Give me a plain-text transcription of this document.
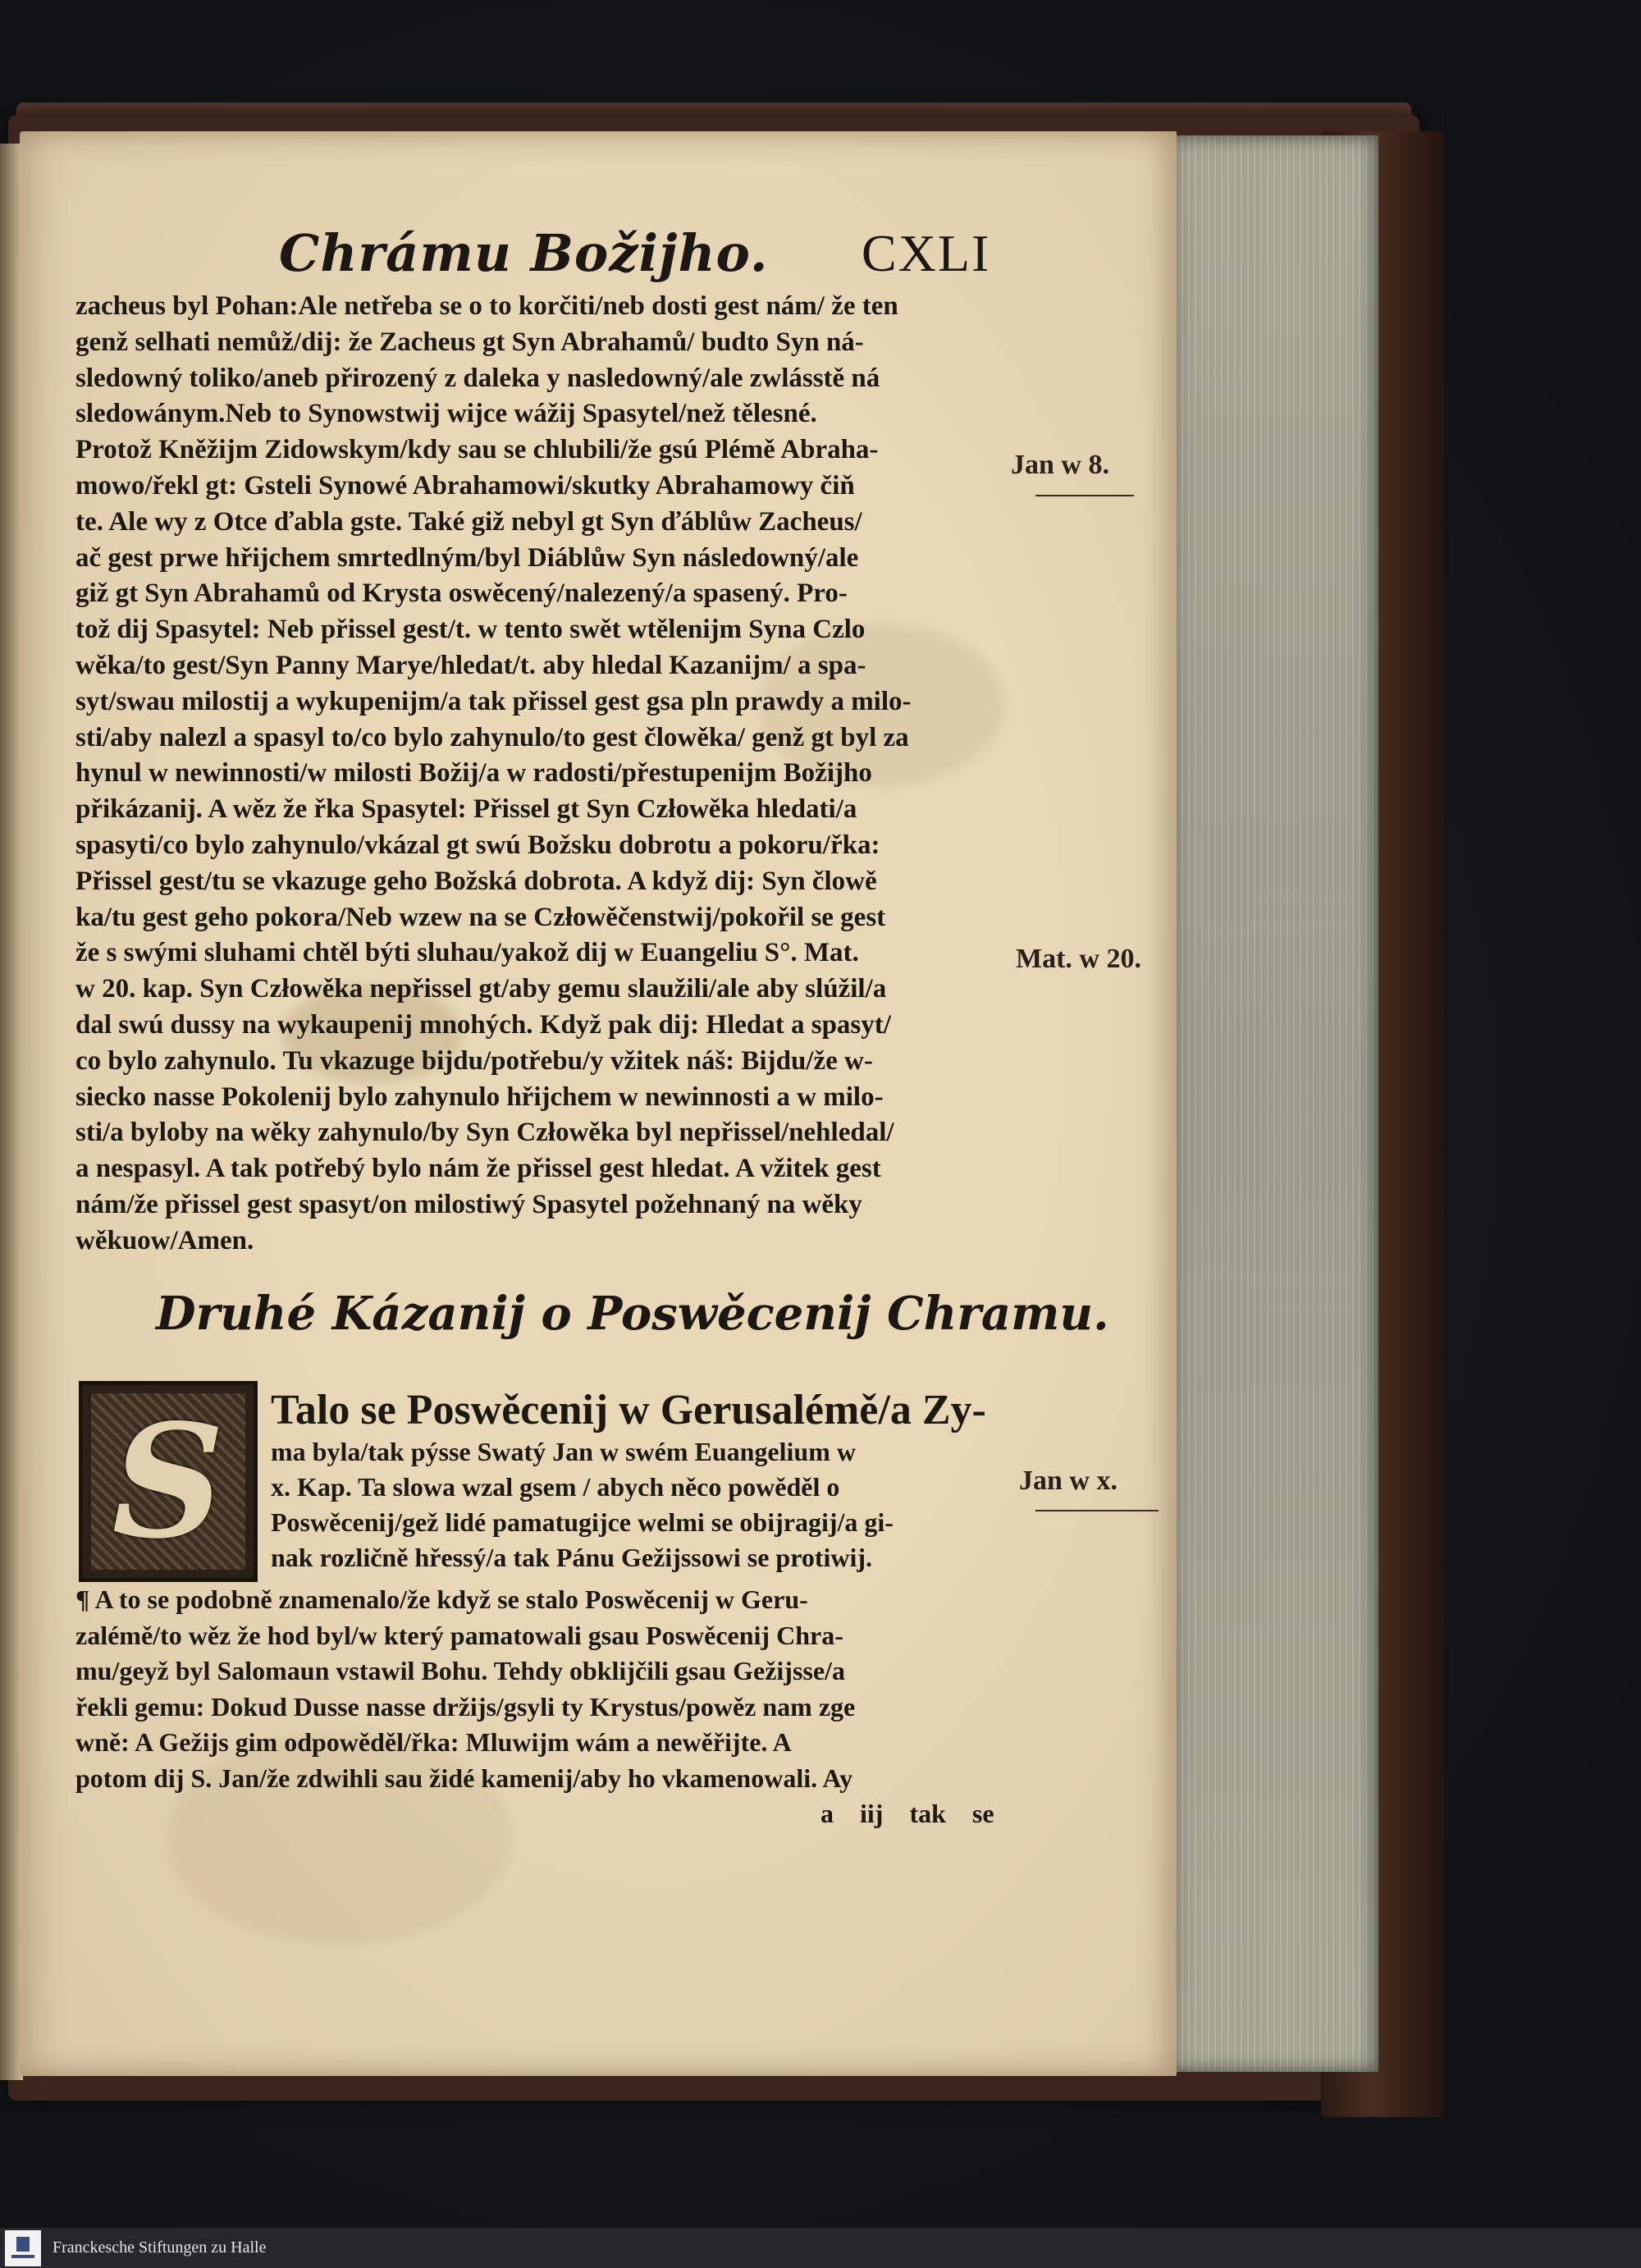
Chrámu Božijho. CXLI
zacheus byl Pohan:Ale netřeba se o to korčiti/neb dosti gest nám/ že ten
genž selhati nemůž/dij: že Zacheus gt Syn Abrahamů/ budto Syn ná-
sledowný toliko/aneb přirozený z daleka y nasledowný/ale zwlásstě ná
sledowánym.Neb to Synowstwij wijce wážij Spasytel/než tělesné.
Protož Kněžijm Zidowskym/kdy sau se chlubili/že gsú Plémě Abraha-
mowo/řekl gt: Gsteli Synowé Abrahamowi/skutky Abrahamowy čiň
te. Ale wy z Otce ďabla gste. Také giž nebyl gt Syn ďáblůw Zacheus/
ač gest prwe hřijchem smrtedlným/byl Diáblůw Syn následowný/ale
giž gt Syn Abrahamů od Krysta oswěcený/nalezený/a spasený. Pro-
tož dij Spasytel: Neb přissel gest/t. w tento swět wtělenijm Syna Czlo
wěka/to gest/Syn Panny Marye/hledat/t. aby hledal Kazanijm/ a spa-
syt/swau milostij a wykupenijm/a tak přissel gest gsa pln prawdy a milo-
sti/aby nalezl a spasyl to/co bylo zahynulo/to gest člowěka/ genž gt byl za
hynul w newinnosti/w milosti Božij/a w radosti/přestupenijm Božijho
přikázanij. A wěz že řka Spasytel: Přissel gt Syn Człowěka hledati/a
spasyti/co bylo zahynulo/vkázal gt swú Božsku dobrotu a pokoru/řka:
Přissel gest/tu se vkazuge geho Božská dobrota. A když dij: Syn člowě
ka/tu gest geho pokora/Neb wzew na se Człowěčenstwij/pokořil se gest
že s swými sluhami chtěl býti sluhau/yakož dij w Euangeliu S°. Mat.
w 20. kap. Syn Człowěka nepřissel gt/aby gemu slaužili/ale aby slúžil/a
dal swú dussy na wykaupenij mnohých. Když pak dij: Hledat a spasyt/
co bylo zahynulo. Tu vkazuge bijdu/potřebu/y vžitek náš: Bijdu/že w-
siecko nasse Pokolenij bylo zahynulo hřijchem w newinnosti a w milo-
sti/a byloby na wěky zahynulo/by Syn Człowěka byl nepřissel/nehledal/
a nespasyl. A tak potřebý bylo nám že přissel gest hledat. A vžitek gest
nám/že přissel gest spasyt/on milostiwý Spasytel požehnaný na wěky
wěkuow/Amen.
Druhé Kázanij o Poswěcenij Chramu.
S	Talo se Poswěcenij w Gerusalémě/a Zy-
ma byla/tak pýsse Swatý Jan w swém Euangelium w
x. Kap. Ta slowa wzal gsem / abych něco powěděl o
Poswěcenij/gež lidé pamatugijce welmi se obijragij/a gi-
nak rozličně hřessý/a tak Pánu Gežijssowi se protiwij.
¶ A to se podobně znamenalo/že když se stalo Poswěcenij w Geru-
zalémě/to wěz že hod byl/w který pamatowali gsau Poswěcenij Chra-
mu/geyž byl Salomaun vstawil Bohu. Tehdy obklijčili gsau Gežijsse/a
řekli gemu: Dokud Dusse nasse držijs/gsyli ty Krystus/powěz nam zge
wně: A Gežijs gim odpowěděl/řka: Mluwijm wám a newěřijte. A
potom dij S. Jan/že zdwihli sau židé kamenij/aby ho vkamenowali. Ay
a iij tak se
Jan w 8.
Mat. w 20.
Jan w x.
Franckesche Stiftungen zu Halle
